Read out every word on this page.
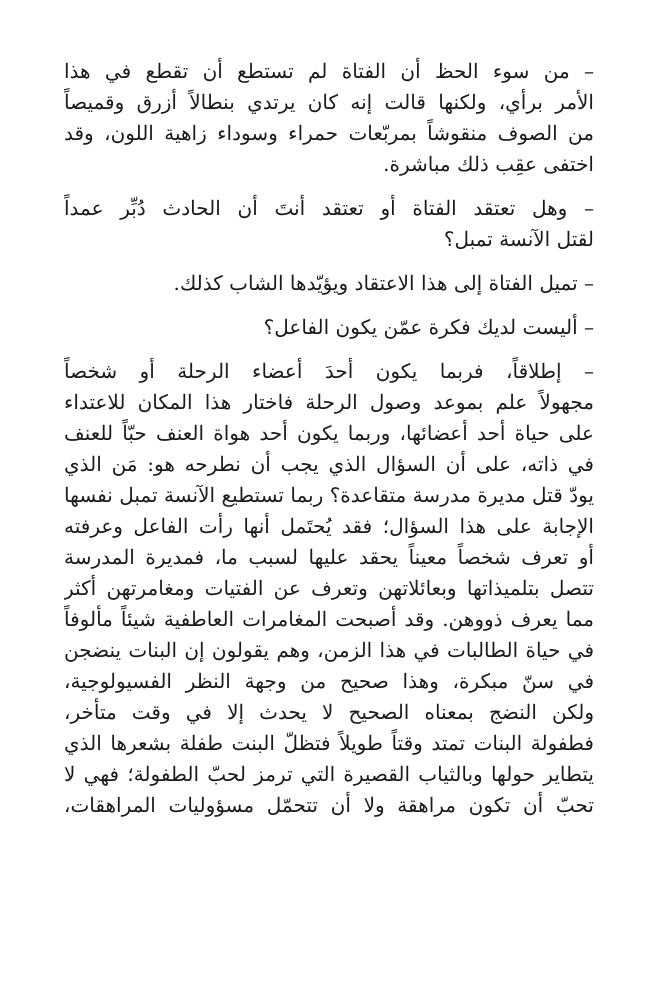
– من سوء الحظ أن الفتاة لم تستطع أن تقطع في هذا
الأمر برأي، ولكنها قالت إنه كان يرتدي بنطالاً أزرق وقميصاً
من الصوف منقوشاً بمربّعات حمراء وسوداء زاهية اللون، وقد
اختفى عقِب ذلك مباشرة.
– وهل تعتقد الفتاة أو تعتقد أنتَ أن الحادث دُبِّر عمداً
لقتل الآنسة تمبل؟
– تميل الفتاة إلى هذا الاعتقاد ويؤيّدها الشاب كذلك.
– أليست لديك فكرة عمّن يكون الفاعل؟
– إطلاقاً، فربما يكون أحدَ أعضاء الرحلة أو شخصاً
مجهولاً علم بموعد وصول الرحلة فاختار هذا المكان للاعتداء
على حياة أحد أعضائها، وربما يكون أحد هواة العنف حبّاً للعنف
في ذاته، على أن السؤال الذي يجب أن نطرحه هو: مَن الذي
يودّ قتل مديرة مدرسة متقاعدة؟ ربما تستطيع الآنسة تمبل نفسها
الإجابة على هذا السؤال؛ فقد يُحتَمل أنها رأت الفاعل وعرفته
أو تعرف شخصاً معيناً يحقد عليها لسبب ما، فمديرة المدرسة
تتصل بتلميذاتها وبعائلاتهن وتعرف عن الفتيات ومغامرتهن أكثر
مما يعرف ذووهن. وقد أصبحت المغامرات العاطفية شيئاً مألوفاً
في حياة الطالبات في هذا الزمن، وهم يقولون إن البنات ينضجن
في سنّ مبكرة، وهذا صحيح من وجهة النظر الفسيولوجية،
ولكن النضج بمعناه الصحيح لا يحدث إلا في وقت متأخر،
فطفولة البنات تمتد وقتاً طويلاً فتظلّ البنت طفلة بشعرها الذي
يتطاير حولها وبالثياب القصيرة التي ترمز لحبّ الطفولة؛ فهي لا
تحبّ أن تكون مراهقة ولا أن تتحمّل مسؤوليات المراهقات،
